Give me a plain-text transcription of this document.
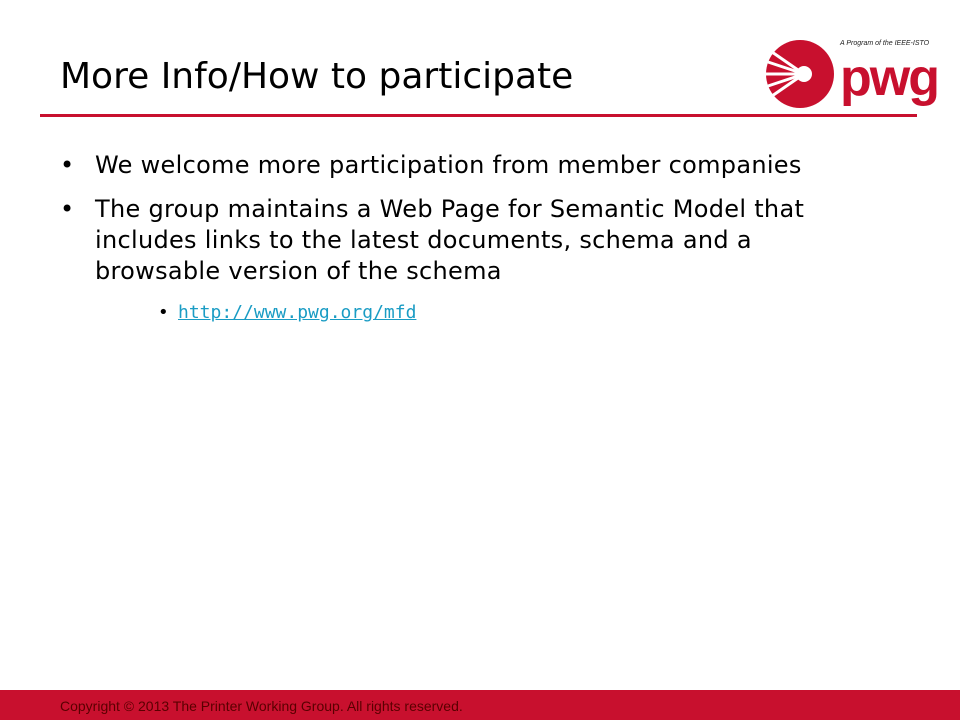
More Info/How to participate
A Program of the IEEE-ISTO
pwg
• We welcome more participation from member companies
• The group maintains a Web Page for Semantic Model that includes links to the latest documents, schema and a browsable version of the schema
• http://www.pwg.org/mfd
Copyright © 2013 The Printer Working Group. All rights reserved.
